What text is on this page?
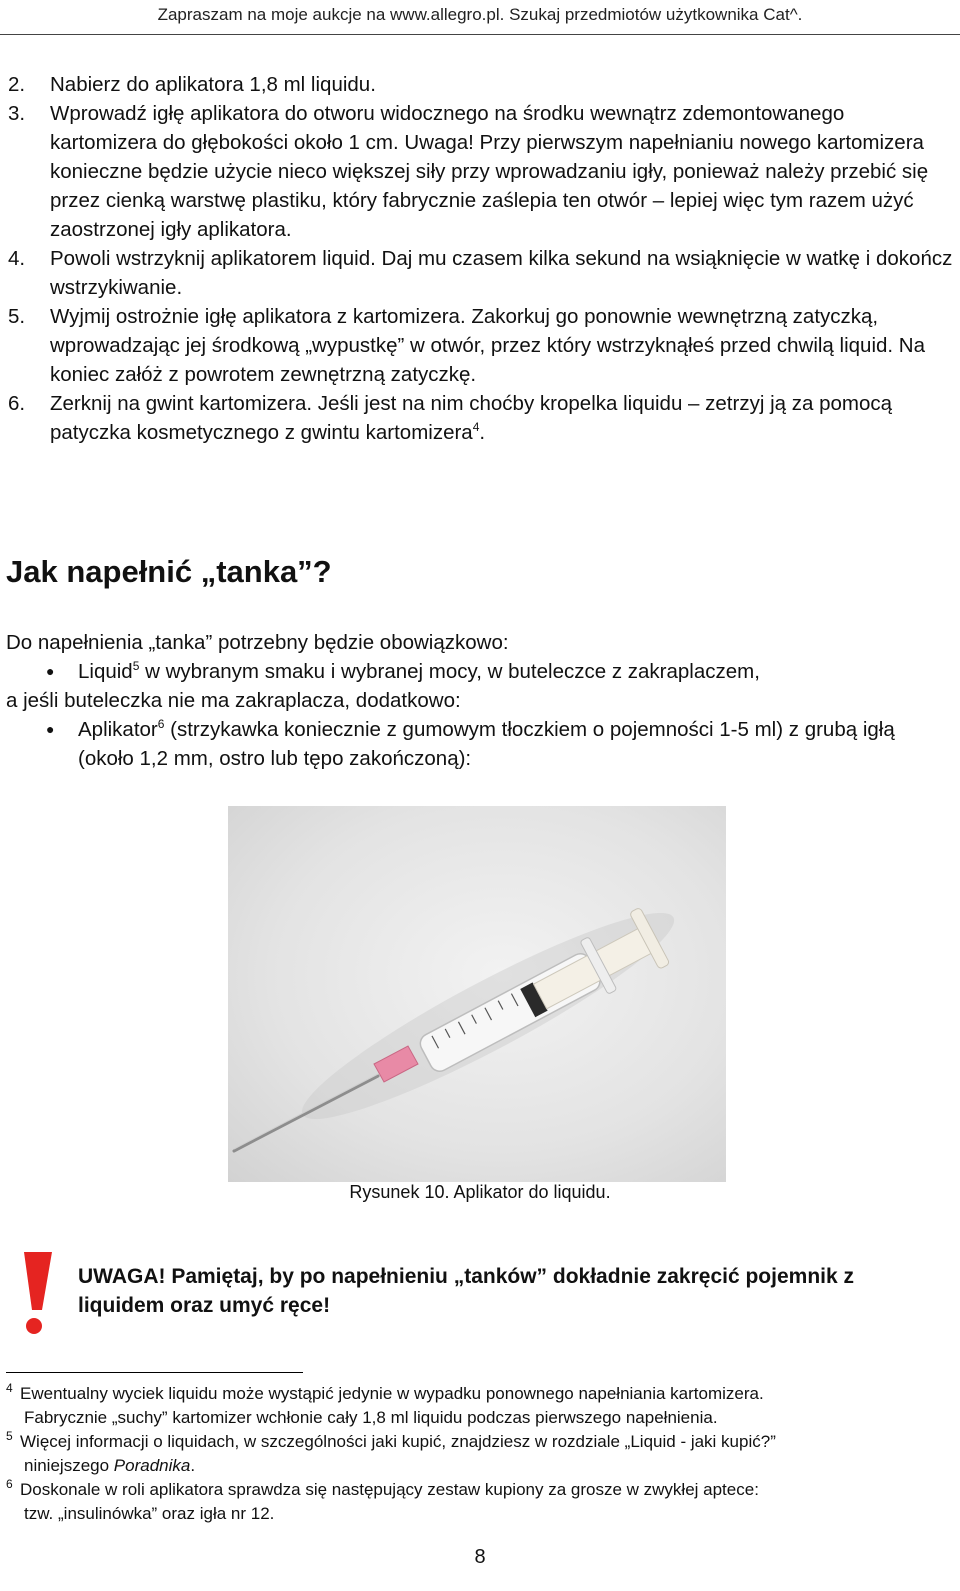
Zapraszam na moje aukcje na www.allegro.pl. Szukaj przedmiotów użytkownika Cat^.
2.	Nabierz do aplikatora 1,8 ml liquidu.
3.	Wprowadź igłę aplikatora do otworu widocznego na środku wewnątrz zdemontowanego kartomizera do głębokości około 1 cm. Uwaga! Przy pierwszym napełnianiu nowego kartomizera konieczne będzie użycie nieco większej siły przy wprowadzaniu igły, ponieważ należy przebić się przez cienką warstwę plastiku, który fabrycznie zaślepia ten otwór – lepiej więc tym razem użyć zaostrzonej igły aplikatora.
4.	Powoli wstrzyknij aplikatorem liquid. Daj mu czasem kilka sekund na wsiąknięcie w watkę i dokończ wstrzykiwanie.
5.	Wyjmij ostrożnie igłę aplikatora z kartomizera. Zakorkuj go ponownie wewnętrzną zatyczką, wprowadzając jej środkową „wypustkę” w otwór, przez który wstrzyknąłeś przed chwilą liquid. Na koniec załóż z powrotem zewnętrzną zatyczkę.
6.	Zerknij na gwint kartomizera. Jeśli jest na nim choćby kropelka liquidu – zetrzyj ją za pomocą patyczka kosmetycznego z gwintu kartomizera$^4$.
Jak napełnić „tanka”?
Do napełnienia „tanka” potrzebny będzie obowiązkowo:
●	Liquid$^5$ w wybranym smaku i wybranej mocy, w buteleczce z zakraplaczem,
a jeśli buteleczka nie ma zakraplacza, dodatkowo:
●	Aplikator$^6$ (strzykawka koniecznie z gumowym tłoczkiem o pojemności 1-5 ml) z grubą igłą (około 1,2 mm, ostro lub tępo zakończoną):
Rysunek 10. Aplikator do liquidu.
UWAGA! Pamiętaj, by po napełnieniu „tanków” dokładnie zakręcić pojemnik z liquidem oraz umyć ręce!
4 Ewentualny wyciek liquidu może wystąpić jedynie w wypadku ponownego napełniania kartomizera.
Fabrycznie „suchy” kartomizer wchłonie cały 1,8 ml liquidu podczas pierwszego napełnienia.
5 Więcej informacji o liquidach, w szczególności jaki kupić, znajdziesz w rozdziale „Liquid - jaki kupić?”
niniejszego Poradnika.
6 Doskonale w roli aplikatora sprawdza się następujący zestaw kupiony za grosze w zwykłej aptece:
tzw. „insulinówka” oraz igła nr 12.
8
